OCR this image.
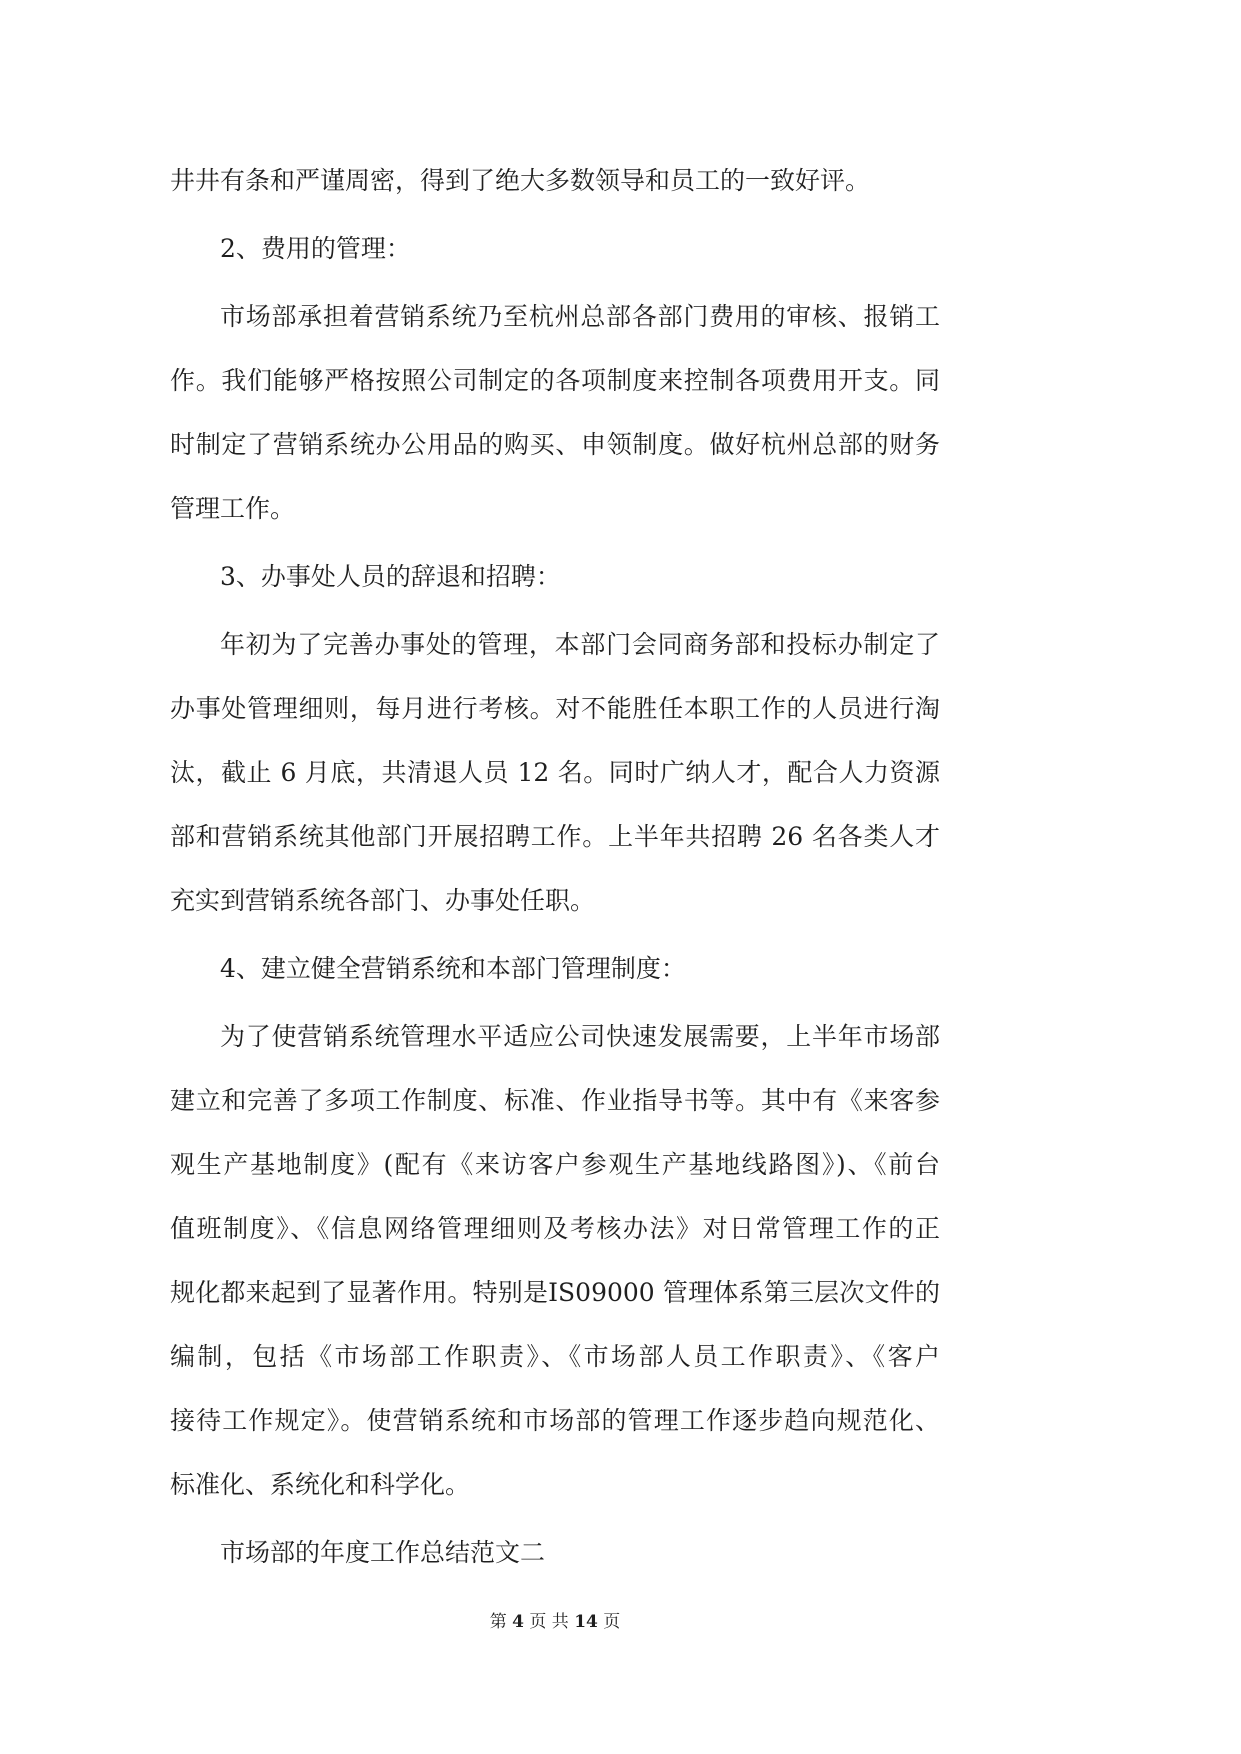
井井有条和严谨周密，得到了绝大多数领导和员工的一致好评。
2、费用的管理：
市场部承担着营销系统乃至杭州总部各部门费用的审核、报销工
作。我们能够严格按照公司制定的各项制度来控制各项费用开支。同
时制定了营销系统办公用品的购买、申领制度。做好杭州总部的财务
管理工作。
3、办事处人员的辞退和招聘：
年初为了完善办事处的管理，本部门会同商务部和投标办制定了
办事处管理细则，每月进行考核。对不能胜任本职工作的人员进行淘
汰，截止 6 月底，共清退人员 12 名。同时广纳人才，配合人力资源
部和营销系统其他部门开展招聘工作。上半年共招聘 26 名各类人才
充实到营销系统各部门、办事处任职。
4、建立健全营销系统和本部门管理制度：
为了使营销系统管理水平适应公司快速发展需要，上半年市场部
建立和完善了多项工作制度、标准、作业指导书等。其中有《来客参
观生产基地制度》(配有《来访客户参观生产基地线路图》)、《前台
值班制度》、《信息网络管理细则及考核办法》对日常管理工作的正
规化都来起到了显著作用。特别是IS09000 管理体系第三层次文件的
编制，包括《市场部工作职责》、《市场部人员工作职责》、《客户
接待工作规定》。使营销系统和市场部的管理工作逐步趋向规范化、
标准化、系统化和科学化。
市场部的年度工作总结范文二
第 4 页 共 14 页
